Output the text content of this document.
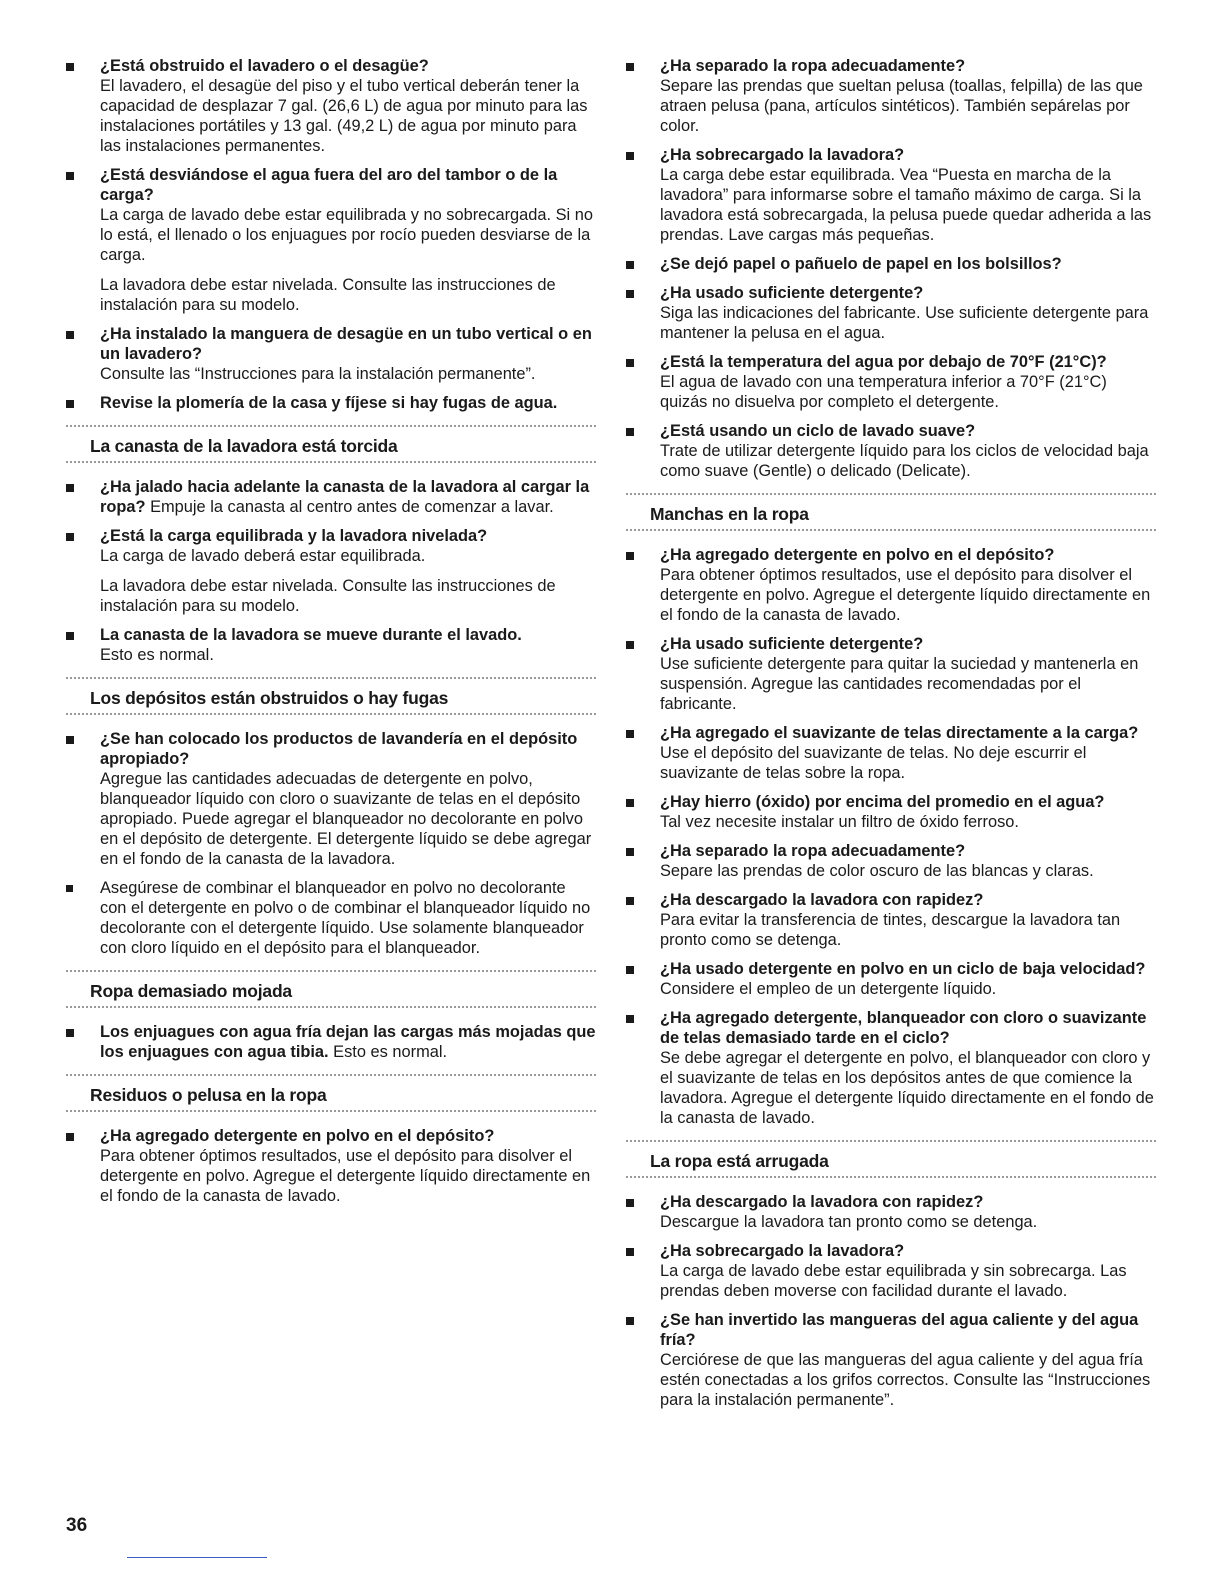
¿Está obstruido el lavadero o el desagüe?
El lavadero, el desagüe del piso y el tubo vertical deberán tener la capacidad de desplazar 7 gal. (26,6 L) de agua por minuto para las instalaciones portátiles y 13 gal. (49,2 L) de agua por minuto para las instalaciones permanentes.
¿Está desviándose el agua fuera del aro del tambor o de la carga?
La carga de lavado debe estar equilibrada y no sobrecargada. Si no lo está, el llenado o los enjuagues por rocío pueden desviarse de la carga.
La lavadora debe estar nivelada. Consulte las instrucciones de instalación para su modelo.
¿Ha instalado la manguera de desagüe en un tubo vertical o en un lavadero?
Consulte las “Instrucciones para la instalación permanente”.
Revise la plomería de la casa y fíjese si hay fugas de agua.
La canasta de la lavadora está torcida
¿Ha jalado hacia adelante la canasta de la lavadora al cargar la ropa? Empuje la canasta al centro antes de comenzar a lavar.
¿Está la carga equilibrada y la lavadora nivelada?
La carga de lavado deberá estar equilibrada.
La lavadora debe estar nivelada. Consulte las instrucciones de instalación para su modelo.
La canasta de la lavadora se mueve durante el lavado.
Esto es normal.
Los depósitos están obstruidos o hay fugas
¿Se han colocado los productos de lavandería en el depósito apropiado?
Agregue las cantidades adecuadas de detergente en polvo, blanqueador líquido con cloro o suavizante de telas en el depósito apropiado. Puede agregar el blanqueador no decolorante en polvo en el depósito de detergente. El detergente líquido se debe agregar en el fondo de la canasta de la lavadora.
Asegúrese de combinar el blanqueador en polvo no decolorante con el detergente en polvo o de combinar el blanqueador líquido no decolorante con el detergente líquido. Use solamente blanqueador con cloro líquido en el depósito para el blanqueador.
Ropa demasiado mojada
Los enjuagues con agua fría dejan las cargas más mojadas que los enjuagues con agua tibia. Esto es normal.
Residuos o pelusa en la ropa
¿Ha agregado detergente en polvo en el depósito?
Para obtener óptimos resultados, use el depósito para disolver el detergente en polvo. Agregue el detergente líquido directamente en el fondo de la canasta de lavado.
¿Ha separado la ropa adecuadamente?
Separe las prendas que sueltan pelusa (toallas, felpilla) de las que atraen pelusa (pana, artículos sintéticos). También sepárelas por color.
¿Ha sobrecargado la lavadora?
La carga debe estar equilibrada. Vea “Puesta en marcha de la lavadora” para informarse sobre el tamaño máximo de carga. Si la lavadora está sobrecargada, la pelusa puede quedar adherida a las prendas. Lave cargas más pequeñas.
¿Se dejó papel o pañuelo de papel en los bolsillos?
¿Ha usado suficiente detergente?
Siga las indicaciones del fabricante. Use suficiente detergente para mantener la pelusa en el agua.
¿Está la temperatura del agua por debajo de 70°F (21°C)?
El agua de lavado con una temperatura inferior a 70°F (21°C) quizás no disuelva por completo el detergente.
¿Está usando un ciclo de lavado suave?
Trate de utilizar detergente líquido para los ciclos de velocidad baja como suave (Gentle) o delicado (Delicate).
Manchas en la ropa
¿Ha agregado detergente en polvo en el depósito?
Para obtener óptimos resultados, use el depósito para disolver el detergente en polvo. Agregue el detergente líquido directamente en el fondo de la canasta de lavado.
¿Ha usado suficiente detergente?
Use suficiente detergente para quitar la suciedad y mantenerla en suspensión. Agregue las cantidades recomendadas por el fabricante.
¿Ha agregado el suavizante de telas directamente a la carga? Use el depósito del suavizante de telas. No deje escurrir el suavizante de telas sobre la ropa.
¿Hay hierro (óxido) por encima del promedio en el agua?
Tal vez necesite instalar un filtro de óxido ferroso.
¿Ha separado la ropa adecuadamente?
Separe las prendas de color oscuro de las blancas y claras.
¿Ha descargado la lavadora con rapidez?
Para evitar la transferencia de tintes, descargue la lavadora tan pronto como se detenga.
¿Ha usado detergente en polvo en un ciclo de baja velocidad?
Considere el empleo de un detergente líquido.
¿Ha agregado detergente, blanqueador con cloro o suavizante de telas demasiado tarde en el ciclo?
Se debe agregar el detergente en polvo, el blanqueador con cloro y el suavizante de telas en los depósitos antes de que comience la lavadora. Agregue el detergente líquido directamente en el fondo de la canasta de lavado.
La ropa está arrugada
¿Ha descargado la lavadora con rapidez?
Descargue la lavadora tan pronto como se detenga.
¿Ha sobrecargado la lavadora?
La carga de lavado debe estar equilibrada y sin sobrecarga. Las prendas deben moverse con facilidad durante el lavado.
¿Se han invertido las mangueras del agua caliente y del agua fría?
Cerciórese de que las mangueras del agua caliente y del agua fría estén conectadas a los grifos correctos. Consulte las “Instrucciones para la instalación permanente”.
36
